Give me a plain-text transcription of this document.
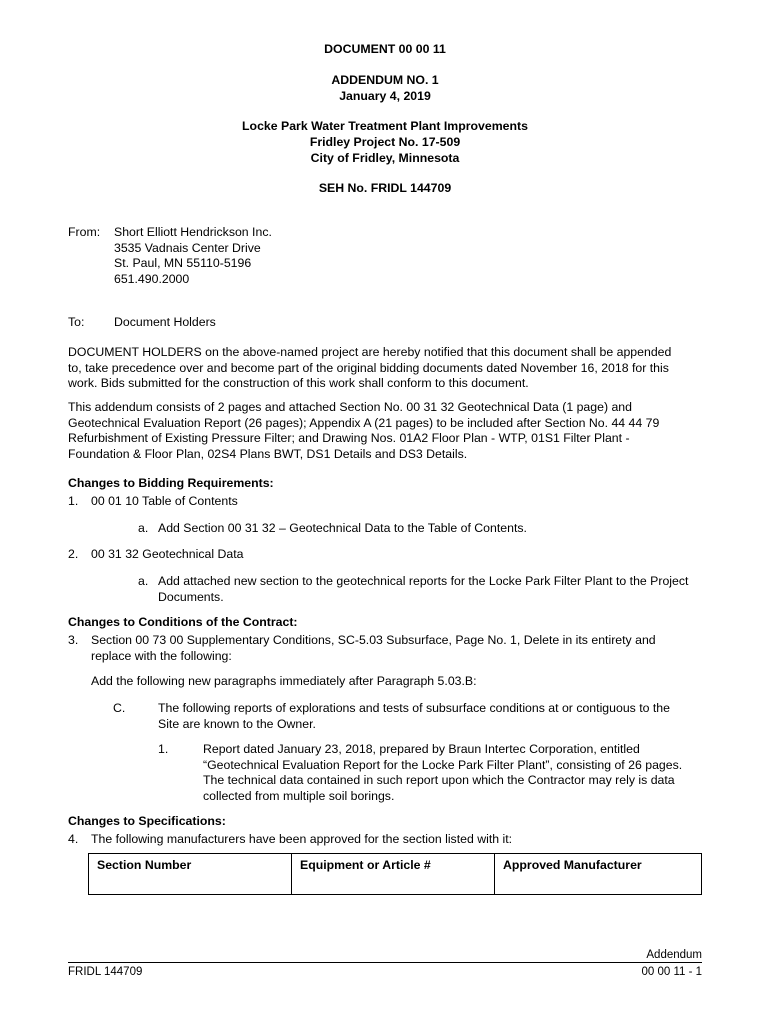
DOCUMENT 00 00 11
ADDENDUM NO. 1
January 4, 2019
Locke Park Water Treatment Plant Improvements
Fridley Project No. 17-509
City of Fridley, Minnesota
SEH No. FRIDL 144709
From: Short Elliott Hendrickson Inc.
3535 Vadnais Center Drive
St. Paul, MN 55110-5196
651.490.2000
To: Document Holders
DOCUMENT HOLDERS on the above-named project are hereby notified that this document shall be appended
to, take precedence over and become part of the original bidding documents dated November 16, 2018 for this
work. Bids submitted for the construction of this work shall conform to this document.
This addendum consists of 2 pages and attached Section No. 00 31 32 Geotechnical Data (1 page) and
Geotechnical Evaluation Report (26 pages); Appendix A (21 pages) to be included after Section No. 44 44 79
Refurbishment of Existing Pressure Filter; and Drawing Nos. 01A2 Floor Plan - WTP, 01S1 Filter Plant -
Foundation & Floor Plan, 02S4 Plans BWT, DS1 Details and DS3 Details.
Changes to Bidding Requirements:
1. 00 01 10 Table of Contents
a. Add Section 00 31 32 – Geotechnical Data to the Table of Contents.
2. 00 31 32 Geotechnical Data
a. Add attached new section to the geotechnical reports for the Locke Park Filter Plant to the Project
Documents.
Changes to Conditions of the Contract:
3. Section 00 73 00 Supplementary Conditions, SC-5.03 Subsurface, Page No. 1, Delete in its entirety and
replace with the following:
Add the following new paragraphs immediately after Paragraph 5.03.B:
C.	The following reports of explorations and tests of subsurface conditions at or contiguous to the
Site are known to the Owner.
1.	Report dated January 23, 2018, prepared by Braun Intertec Corporation, entitled
“Geotechnical Evaluation Report for the Locke Park Filter Plant”, consisting of 26 pages.
The technical data contained in such report upon which the Contractor may rely is data
collected from multiple soil borings.
Changes to Specifications:
4. The following manufacturers have been approved for the section listed with it:
Section Number	Equipment or Article #	Approved Manufacturer
Addendum
FRIDL 144709	00 00 11 - 1
